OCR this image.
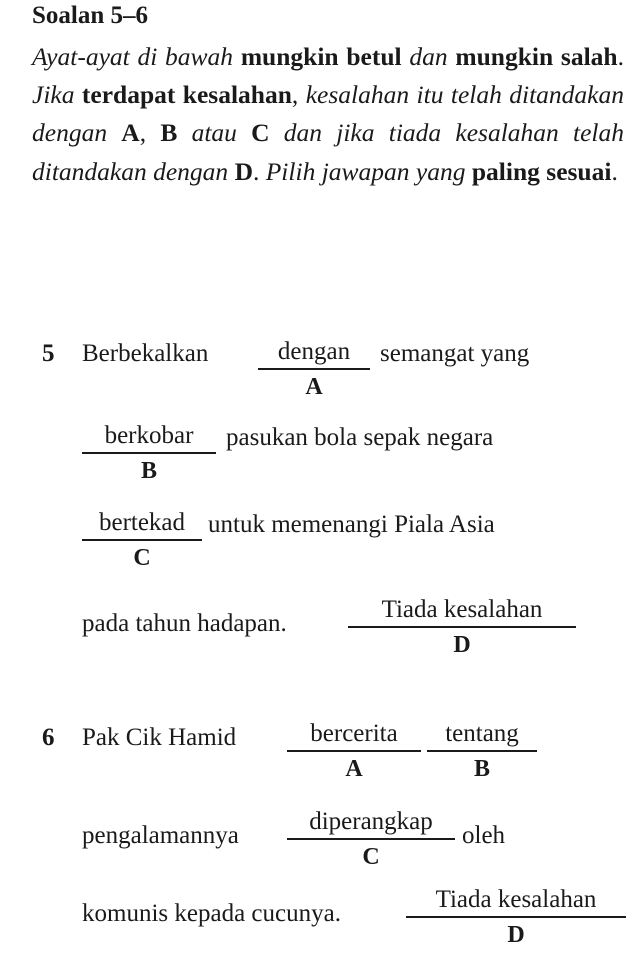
Soalan 5–6
Ayat-ayat di bawah mungkin betul dan mungkin salah. Jika terdapat kesalahan, kesalahan itu telah ditandakan dengan A, B atau C dan jika tiada kesalahan telah ditandakan dengan D. Pilih jawapan yang paling sesuai.
5 Berbekalkan	dengan
A
semangat yang
berkobar
B
pasukan bola sepak negara
bertekad
C
untuk memenangi Piala Asia
pada tahun hadapan.
Tiada kesalahan
D
6 Pak Cik Hamid	bercerita
A
tentang
B
pengalamannya
diperangkap
C
oleh
komunis kepada cucunya.
Tiada kesalahan
D
